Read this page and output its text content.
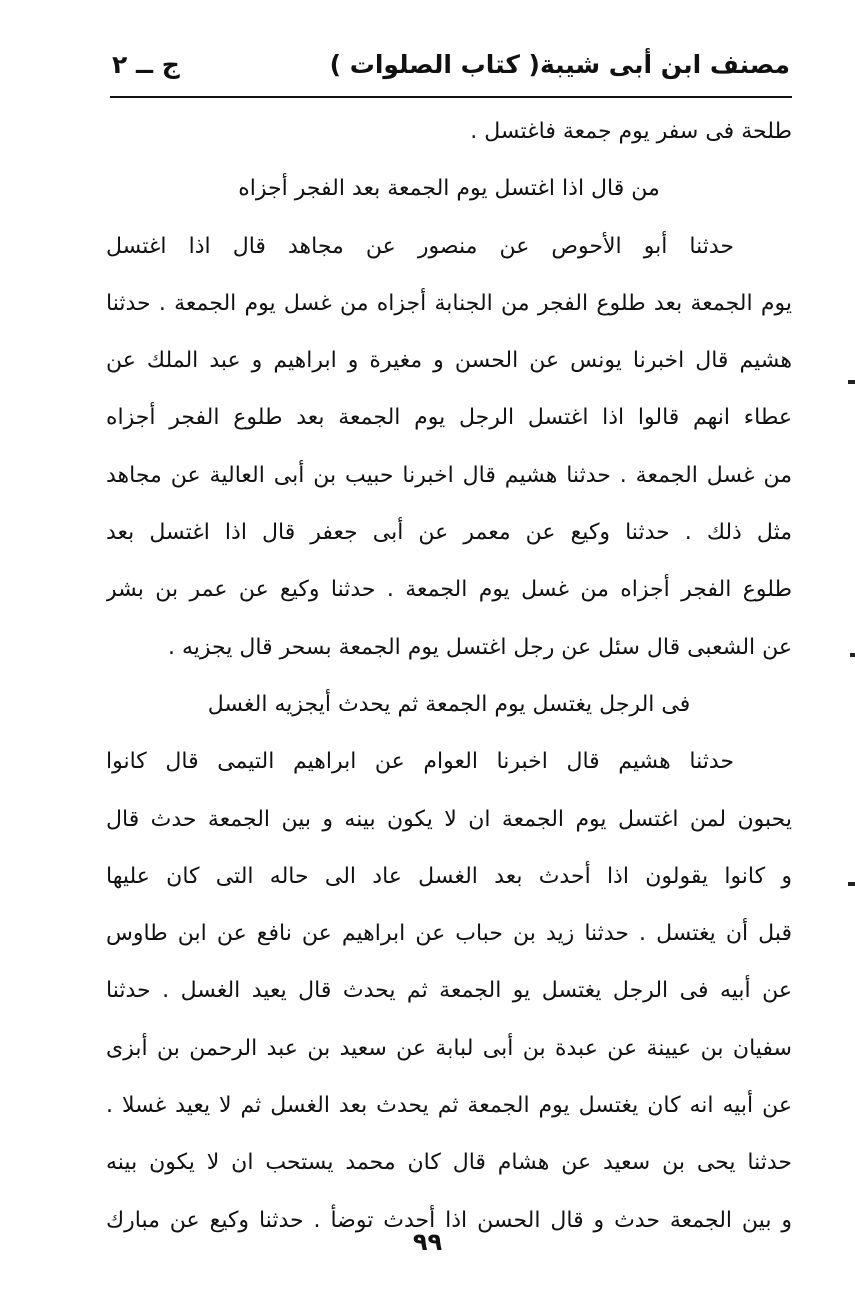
مصنف ابن أبى شيبة
( كتاب الصلوات )
ج ــ ٢
طلحة فى سفر يوم جمعة فاغتسل .
من قال اذا اغتسل يوم الجمعة بعد الفجر أجزاه
حدثنا أبو الأحوص عن منصور عن مجاهد قال اذا اغتسل
يوم الجمعة بعد طلوع الفجر من الجنابة أجزاه من غسل يوم الجمعة . حدثنا
هشيم قال اخبرنا يونس عن الحسن و مغيرة و ابراهيم و عبد الملك عن
عطاء انهم قالوا اذا اغتسل الرجل يوم الجمعة بعد طلوع الفجر أجزاه
من غسل الجمعة . حدثنا هشيم قال اخبرنا حبيب بن أبى العالية عن مجاهد
مثل ذلك . حدثنا وكيع عن معمر عن أبى جعفر قال اذا اغتسل بعد
طلوع الفجر أجزاه من غسل يوم الجمعة . حدثنا وكيع عن عمر بن بشر
عن الشعبى قال سئل عن رجل اغتسل يوم الجمعة بسحر قال يجزيه .
فى الرجل يغتسل يوم الجمعة ثم يحدث أيجزيه الغسل
حدثنا هشيم قال اخبرنا العوام عن ابراهيم التيمى قال كانوا
يحبون لمن اغتسل يوم الجمعة ان لا يكون بينه و بين الجمعة حدث قال
و كانوا يقولون اذا أحدث بعد الغسل عاد الى حاله التى كان عليها
قبل أن يغتسل . حدثنا زيد بن حباب عن ابراهيم عن نافع عن ابن طاوس
عن أبيه فى الرجل يغتسل يو الجمعة ثم يحدث قال يعيد الغسل . حدثنا
سفيان بن عيينة عن عبدة بن أبى لبابة عن سعيد بن عبد الرحمن بن أبزى
عن أبيه انه كان يغتسل يوم الجمعة ثم يحدث بعد الغسل ثم لا يعيد غسلا .
حدثنا يحى بن سعيد عن هشام قال كان محمد يستحب ان لا يكون بينه
و بين الجمعة حدث و قال الحسن اذا أحدث توضأ . حدثنا وكيع عن مبارك
٩٩
